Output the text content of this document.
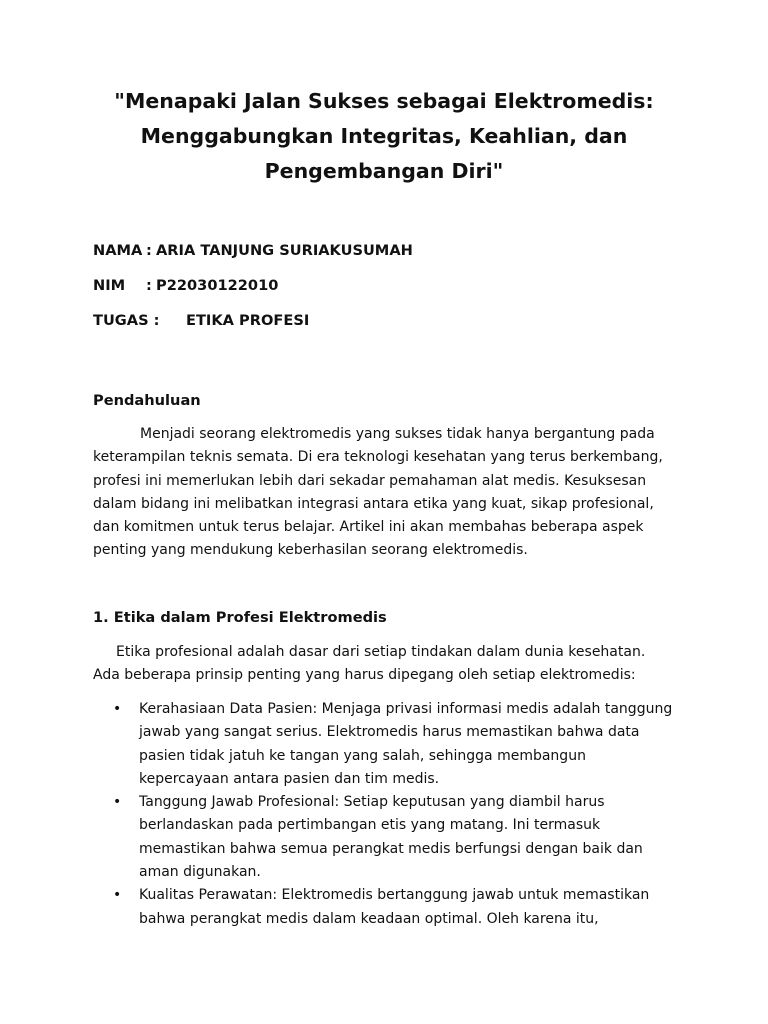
"Menapaki Jalan Sukses sebagai Elektromedis:
Menggabungkan Integritas, Keahlian, dan
Pengembangan Diri"
NAMA : ARIA TANJUNG SURIAKUSUMAH
NIM : P22030122010
TUGAS : ETIKA PROFESI
Pendahuluan

Menjadi seorang elektromedis yang sukses tidak hanya bergantung pada keterampilan teknis semata. Di era teknologi kesehatan yang terus berkembang, profesi ini memerlukan lebih dari sekadar pemahaman alat medis. Kesuksesan dalam bidang ini melibatkan integrasi antara etika yang kuat, sikap profesional, dan komitmen untuk terus belajar. Artikel ini akan membahas beberapa aspek penting yang mendukung keberhasilan seorang elektromedis.

1. Etika dalam Profesi Elektromedis

Etika profesional adalah dasar dari setiap tindakan dalam dunia kesehatan. Ada beberapa prinsip penting yang harus dipegang oleh setiap elektromedis:

• Kerahasiaan Data Pasien: Menjaga privasi informasi medis adalah tanggung jawab yang sangat serius. Elektromedis harus memastikan bahwa data pasien tidak jatuh ke tangan yang salah, sehingga membangun kepercayaan antara pasien dan tim medis.
• Tanggung Jawab Profesional: Setiap keputusan yang diambil harus berlandaskan pada pertimbangan etis yang matang. Ini termasuk memastikan bahwa semua perangkat medis berfungsi dengan baik dan aman digunakan.
• Kualitas Perawatan: Elektromedis bertanggung jawab untuk memastikan bahwa perangkat medis dalam keadaan optimal. Oleh karena itu,
